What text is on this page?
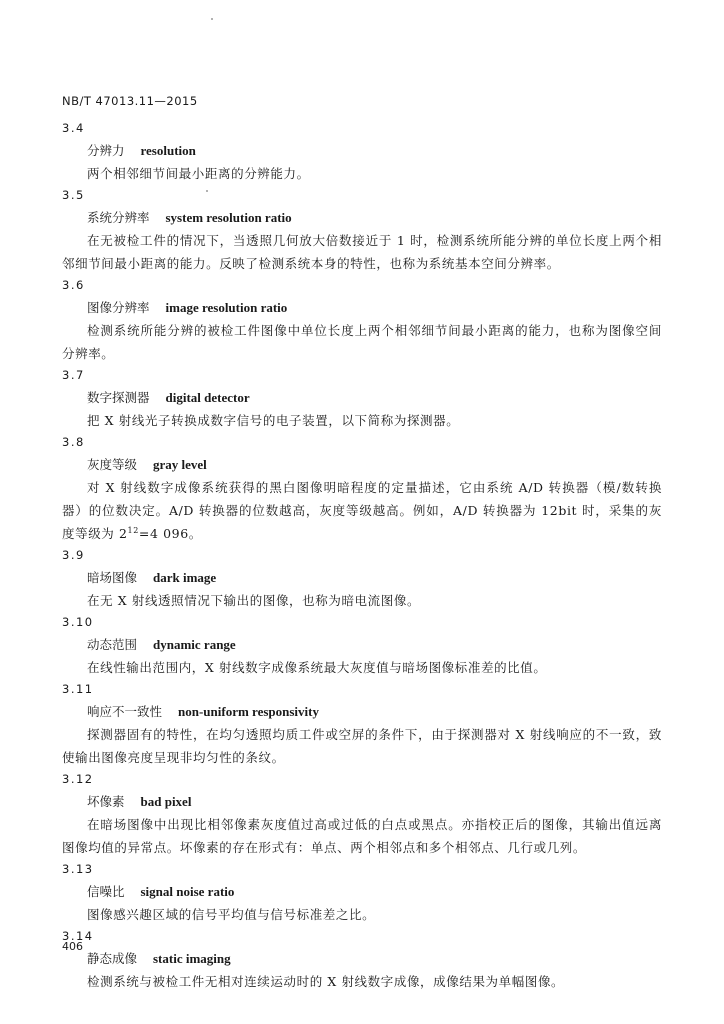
NB/T 47013.11—2015
3.4
分辨力 resolution
两个相邻细节间最小距离的分辨能力。
3.5
系统分辨率 system resolution ratio
在无被检工件的情况下，当透照几何放大倍数接近于 1 时，检测系统所能分辨的单位长度上两个相邻细节间最小距离的能力。反映了检测系统本身的特性，也称为系统基本空间分辨率。
3.6
图像分辨率 image resolution ratio
检测系统所能分辨的被检工件图像中单位长度上两个相邻细节间最小距离的能力，也称为图像空间分辨率。
3.7
数字探测器 digital detector
把 X 射线光子转换成数字信号的电子装置，以下简称为探测器。
3.8
灰度等级 gray level
对 X 射线数字成像系统获得的黑白图像明暗程度的定量描述，它由系统 A/D 转换器（模/数转换器）的位数决定。A/D 转换器的位数越高，灰度等级越高。例如，A/D 转换器为 12bit 时，采集的灰度等级为 $2^{12}=4$ 096。
3.9
暗场图像 dark image
在无 X 射线透照情况下输出的图像，也称为暗电流图像。
3.10
动态范围 dynamic range
在线性输出范围内，X 射线数字成像系统最大灰度值与暗场图像标准差的比值。
3.11
响应不一致性 non-uniform responsivity
探测器固有的特性，在均匀透照均质工件或空屏的条件下，由于探测器对 X 射线响应的不一致，致使输出图像亮度呈现非均匀性的条纹。
3.12
坏像素 bad pixel
在暗场图像中出现比相邻像素灰度值过高或过低的白点或黑点。亦指校正后的图像，其输出值远离图像均值的异常点。坏像素的存在形式有：单点、两个相邻点和多个相邻点、几行或几列。
3.13
信噪比 signal noise ratio
图像感兴趣区域的信号平均值与信号标准差之比。
3.14
静态成像 static imaging
检测系统与被检工件无相对连续运动时的 X 射线数字成像，成像结果为单幅图像。
406
